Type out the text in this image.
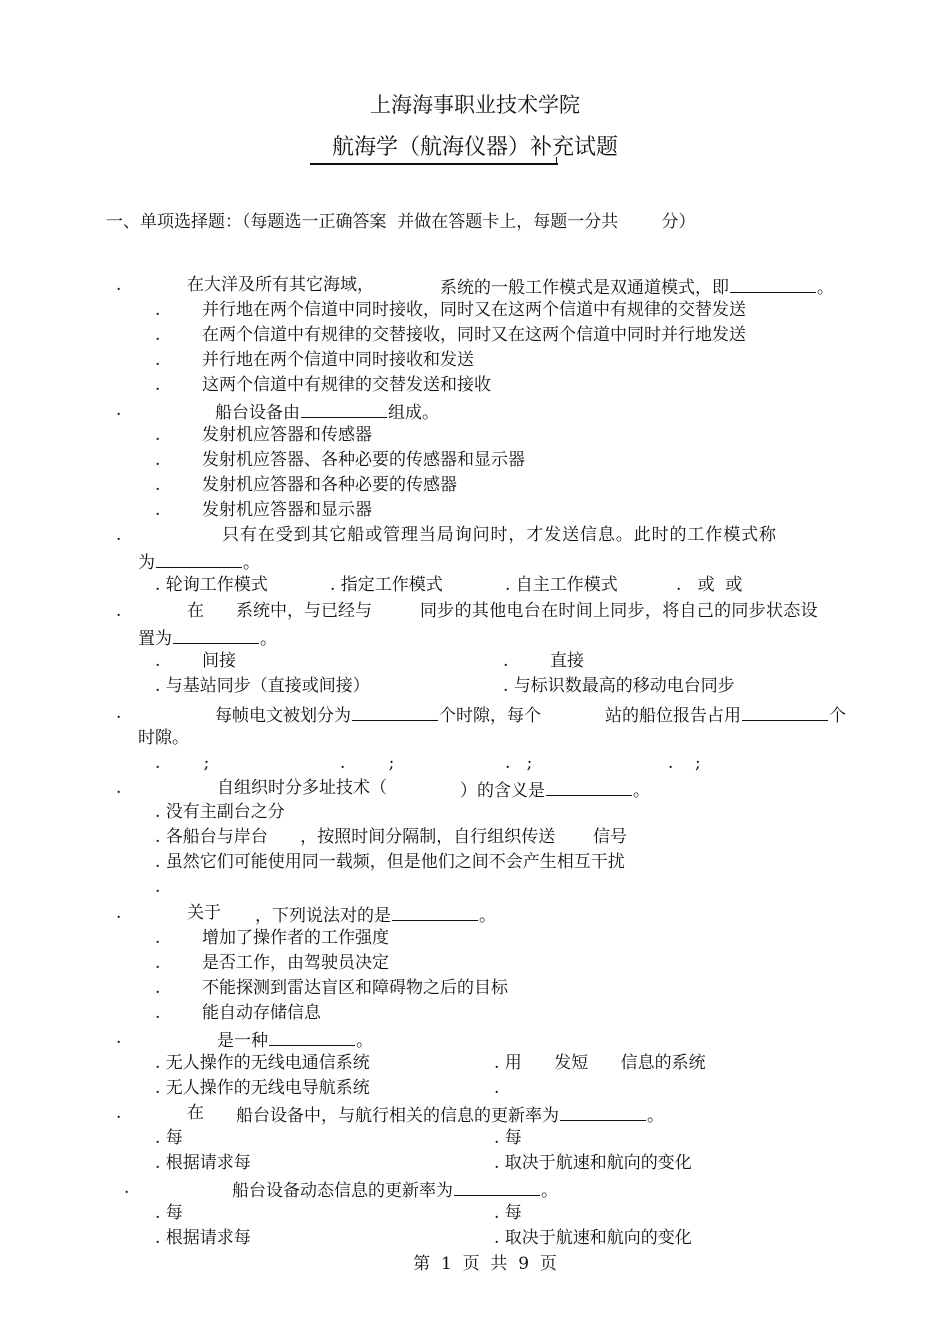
上海海事职业技术学院
航海学（航海仪器）补充试题
一、单项选择题：（每题选一正确答案  并做在答题卡上，每题一分共        分）
.	在大洋及所有其它海域，	系统的一般工作模式是双通道模式，即	。
. 并行地在两个信道中同时接收，同时又在这两个信道中有规律的交替发送
. 在两个信道中有规律的交替接收，同时又在这两个信道中同时并行地发送
. 并行地在两个信道中同时接收和发送
. 这两个信道中有规律的交替发送和接收
.	船台设备由	组成。
. 发射机应答器和传感器
. 发射机应答器、各种必要的传感器和显示器
. 发射机应答器和各种必要的传感器
. 发射机应答器和显示器
.	只有在受到其它船或管理当局询问时，才发送信息。此时的工作模式称
为	。
. 轮询工作模式	. 指定工作模式	. 自主工作模式	.   或  或
.	在 系统中，与已经与	同步的其他电台在时间上同步，将自己的同步状态设
置为	。
. 间接	. 直接
. 与基站同步（直接或间接）	. 与标识数最高的移动电台同步
.	每帧电文被划分为	个时隙，每个	站的船位报告占用	个
时隙。
.        ;	.        ;	.   ;	.    ;
.	自组织时分多址技术（	）的含义是	。
. 没有主副台之分
. 各船台与岸台      ，按照时间分隔制，自行组织传送       信号
. 虽然它们可能使用同一载频，但是他们之间不会产生相互干扰
.
.	关于 ，下列说法对的是	。
. 增加了操作者的工作强度
. 是否工作，由驾驶员决定
. 不能探测到雷达盲区和障碍物之后的目标
. 能自动存储信息
.	是一种	。
. 无人操作的无线电通信系统	. 用      发短      信息的系统
. 无人操作的无线电导航系统	.
.	在 船台设备中，与航行相关的信息的更新率为	。
. 每	. 每
. 根据请求每	. 取决于航速和航向的变化
.	船台设备动态信息的更新率为	。
. 每	. 每
. 根据请求每	. 取决于航速和航向的变化
第  1  页  共  9  页
